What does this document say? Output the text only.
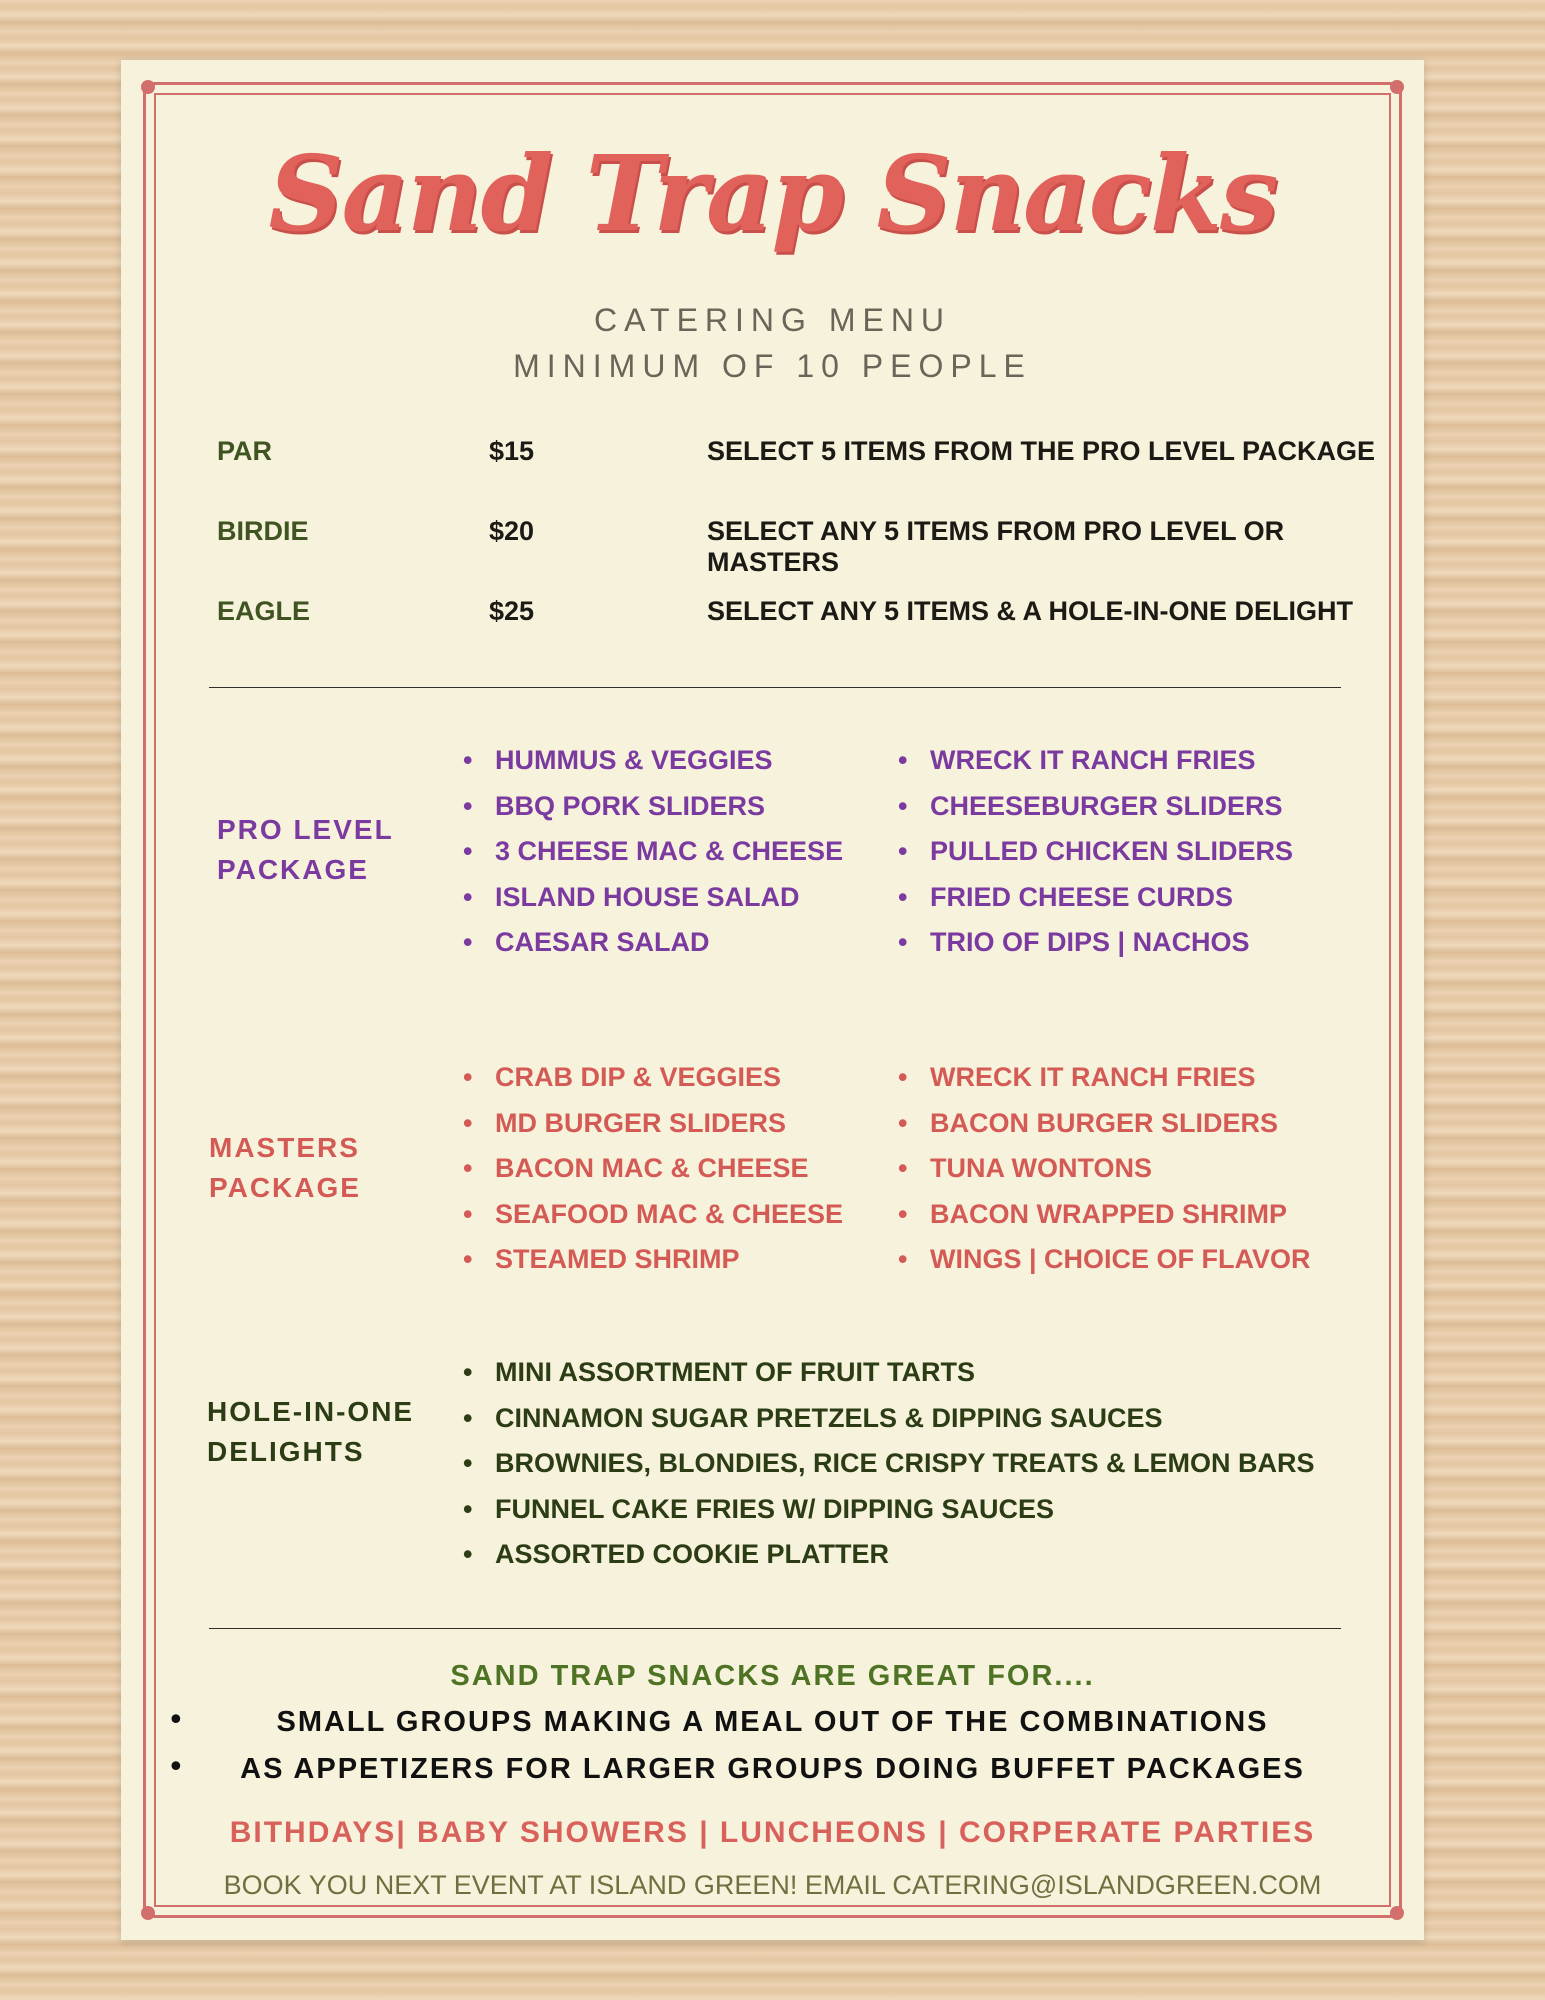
Sand Trap Snacks
CATERING MENU
MINIMUM OF 10 PEOPLE
PAR	$15	SELECT 5 ITEMS FROM THE PRO LEVEL PACKAGE
BIRDIE	$20	SELECT ANY 5 ITEMS FROM PRO LEVEL OR MASTERS
EAGLE	$25	SELECT ANY 5 ITEMS & A HOLE-IN-ONE DELIGHT
PRO LEVEL
PACKAGE
• HUMMUS & VEGGIES
• BBQ PORK SLIDERS
• 3 CHEESE MAC & CHEESE
• ISLAND HOUSE SALAD
• CAESAR SALAD
• WRECK IT RANCH FRIES
• CHEESEBURGER SLIDERS
• PULLED CHICKEN SLIDERS
• FRIED CHEESE CURDS
• TRIO OF DIPS | NACHOS
MASTERS
PACKAGE
• CRAB DIP & VEGGIES
• MD BURGER SLIDERS
• BACON MAC & CHEESE
• SEAFOOD MAC & CHEESE
• STEAMED SHRIMP
• WRECK IT RANCH FRIES
• BACON BURGER SLIDERS
• TUNA WONTONS
• BACON WRAPPED SHRIMP
• WINGS | CHOICE OF FLAVOR
HOLE-IN-ONE
DELIGHTS
• MINI ASSORTMENT OF FRUIT TARTS
• CINNAMON SUGAR PRETZELS & DIPPING SAUCES
• BROWNIES, BLONDIES, RICE CRISPY TREATS & LEMON BARS
• FUNNEL CAKE FRIES W/ DIPPING SAUCES
• ASSORTED COOKIE PLATTER
SAND TRAP SNACKS ARE GREAT FOR....
•	SMALL GROUPS MAKING A MEAL OUT OF THE COMBINATIONS
•	AS APPETIZERS FOR LARGER GROUPS DOING BUFFET PACKAGES
BITHDAYS| BABY SHOWERS | LUNCHEONS | CORPERATE PARTIES
BOOK YOU NEXT EVENT AT ISLAND GREEN! EMAIL CATERING@ISLANDGREEN.COM
